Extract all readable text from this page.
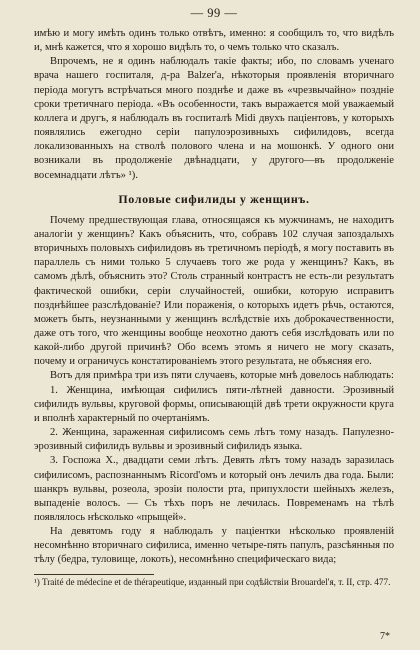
— 99 —

имѣю и могу имѣть одинъ только отвѣтъ, именно: я сообщилъ то, что видѣлъ и, мнѣ кажется, что я хорошо видѣлъ то, о чемъ только что сказалъ.

Впрочемъ, не я одинъ наблюдалъ такіе факты; ибо, по словамъ ученаго врача нашего госпиталя, д-ра Balzer'а, нѣкоторыя проявленія вторичнаго періода могутъ встрѣчаться много позднѣе и даже въ «чрезвычайно» поздніе сроки третичнаго періода. «Въ особенности, такъ выражается мой уважаемый коллега и другъ, я наблюдалъ въ госпиталѣ Midi двухъ пацiентовъ, у которыхъ появлялись ежегодно серіи папулоэрозивныхъ сифилидовъ, всегда локализованныхъ на стволѣ полового члена и на мошонкѣ. У одного они возникали въ продолженіе двѣнадцати, у другого—въ продолженіе восемнадцати лѣтъ» ¹).

Половые сифилиды у женщинъ.

Почему предшествующая глава, относящаяся къ мужчинамъ, не находитъ аналогіи у женщинъ? Какъ объяснить, что, собравъ 102 случая запоздалыхъ вторичныхъ половыхъ сифилидовъ въ третичномъ періодѣ, я могу поставить въ параллель съ ними только 5 случаевъ того же рода у женщинъ? Какъ, въ самомъ дѣлѣ, объяснить это? Столь странный контрастъ не есть-ли результатъ фактической ошибки, серіи случайностей, ошибки, которую исправитъ позднѣйшее разслѣдованіе? Или пораженія, о которыхъ идетъ рѣчь, остаются, можетъ быть, неузнанными у женщинъ вслѣдствіе ихъ доброкачественности, даже отъ того, что женщины вообще неохотно даютъ себя изслѣдовать или по какой-либо другой причинѣ? Обо всемъ этомъ я ничего не могу сказать, почему и ограничусь констатированіемъ этого результата, не объясняя его.

Вотъ для примѣра три изъ пяти случаевъ, которые мнѣ довелось наблюдать:

1. Женщина, имѣющая сифилисъ пяти-лѣтней давности. Эрозивный сифилидъ вульвы, круговой формы, описывающій двѣ трети окружности круга и вполнѣ характерный по очертаніямъ.

2. Женщина, зараженная сифилисомъ семь лѣтъ тому назадъ. Папулезно-эрозивный сифилидъ вульвы и эрозивный сифилидъ языка.

3. Госпожа Х., двадцати семи лѣтъ. Девять лѣтъ тому назадъ заразилась сифилисомъ, распознаннымъ Ricord'омъ и который онъ лечилъ два года. Были: шанкръ вульвы, розеола, эрозіи полости рта, припухлости шейныхъ железъ, выпаденіе волосъ. — Съ тѣхъ поръ не лечилась. Повременамъ на тѣлѣ появлялось нѣсколько «прыщей».

На девятомъ году я наблюдалъ у пацiентки нѣсколько проявленій несомнѣнно вторичнаго сифилиса, именно четыре-пять папулъ, разсѣянныя по тѣлу (бедра, туловище, локоть), несомнѣнно специфическаго вида;

¹) Traité de médecine et de thérapeutique, изданный при содѣйствіи Brouardel'я, т. II, стр. 477.

7*
